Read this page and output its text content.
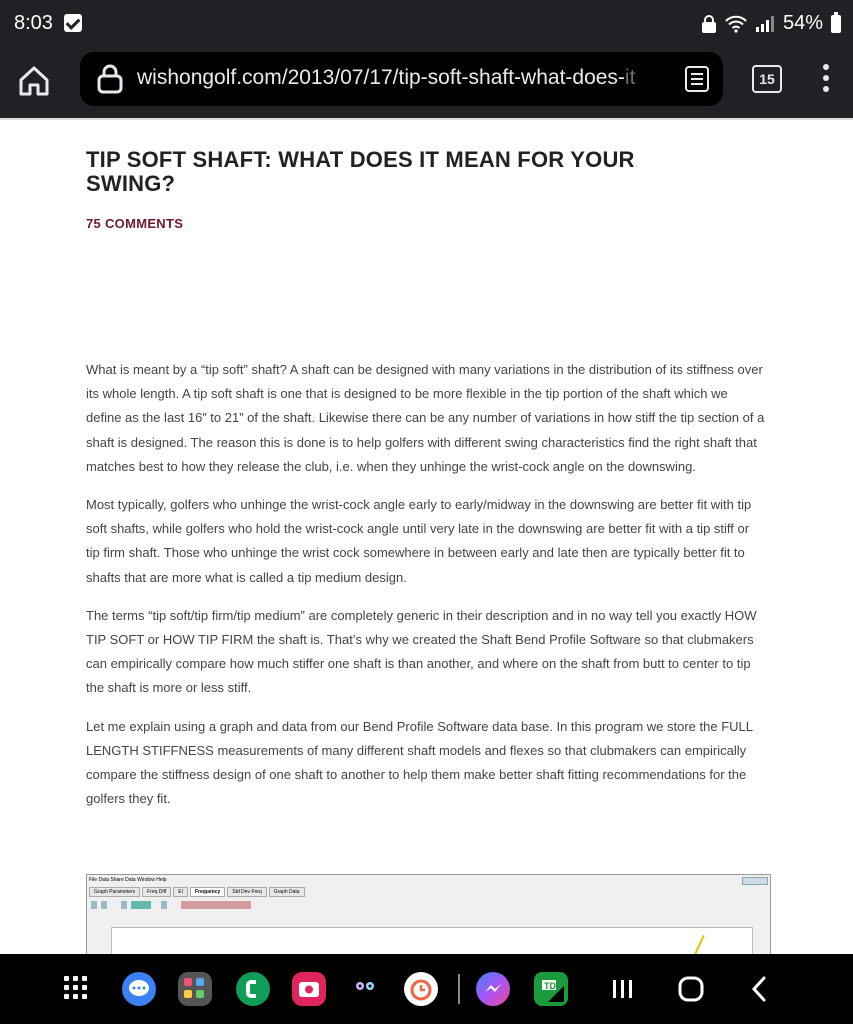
8:03	54%
wishongolf.com/2013/07/17/tip-soft-shaft-what-does-it	15
TIP SOFT SHAFT: WHAT DOES IT MEAN FOR YOUR SWING?
75 COMMENTS

What is meant by a “tip soft” shaft? A shaft can be designed with many variations in the distribution of its stiffness over its whole length. A tip soft shaft is one that is designed to be more flexible in the tip portion of the shaft which we define as the last 16” to 21” of the shaft. Likewise there can be any number of variations in how stiff the tip section of a shaft is designed. The reason this is done is to help golfers with different swing characteristics find the right shaft that matches best to how they release the club, i.e. when they unhinge the wrist-cock angle on the downswing.

Most typically, golfers who unhinge the wrist-cock angle early to early/midway in the downswing are better fit with tip soft shafts, while golfers who hold the wrist-cock angle until very late in the downswing are better fit with a tip stiff or tip firm shaft. Those who unhinge the wrist cock somewhere in between early and late then are typically better fit to shafts that are more what is called a tip medium design.

The terms “tip soft/tip firm/tip medium” are completely generic in their description and in no way tell you exactly HOW TIP SOFT or HOW TIP FIRM the shaft is. That’s why we created the Shaft Bend Profile Software so that clubmakers can empirically compare how much stiffer one shaft is than another, and where on the shaft from butt to center to tip the shaft is more or less stiff.

Let me explain using a graph and data from our Bend Profile Software data base. In this program we store the FULL LENGTH STIFFNESS measurements of many different shaft models and flexes so that clubmakers can empirically compare the stiffness design of one shaft to another to help them make better shaft fitting recommendations for the golfers they fit.

File Data Share Data Window Help
Graph Parameters	Freq Diff	EI	Frequency	Std Dev Freq	Graph Data
TD
